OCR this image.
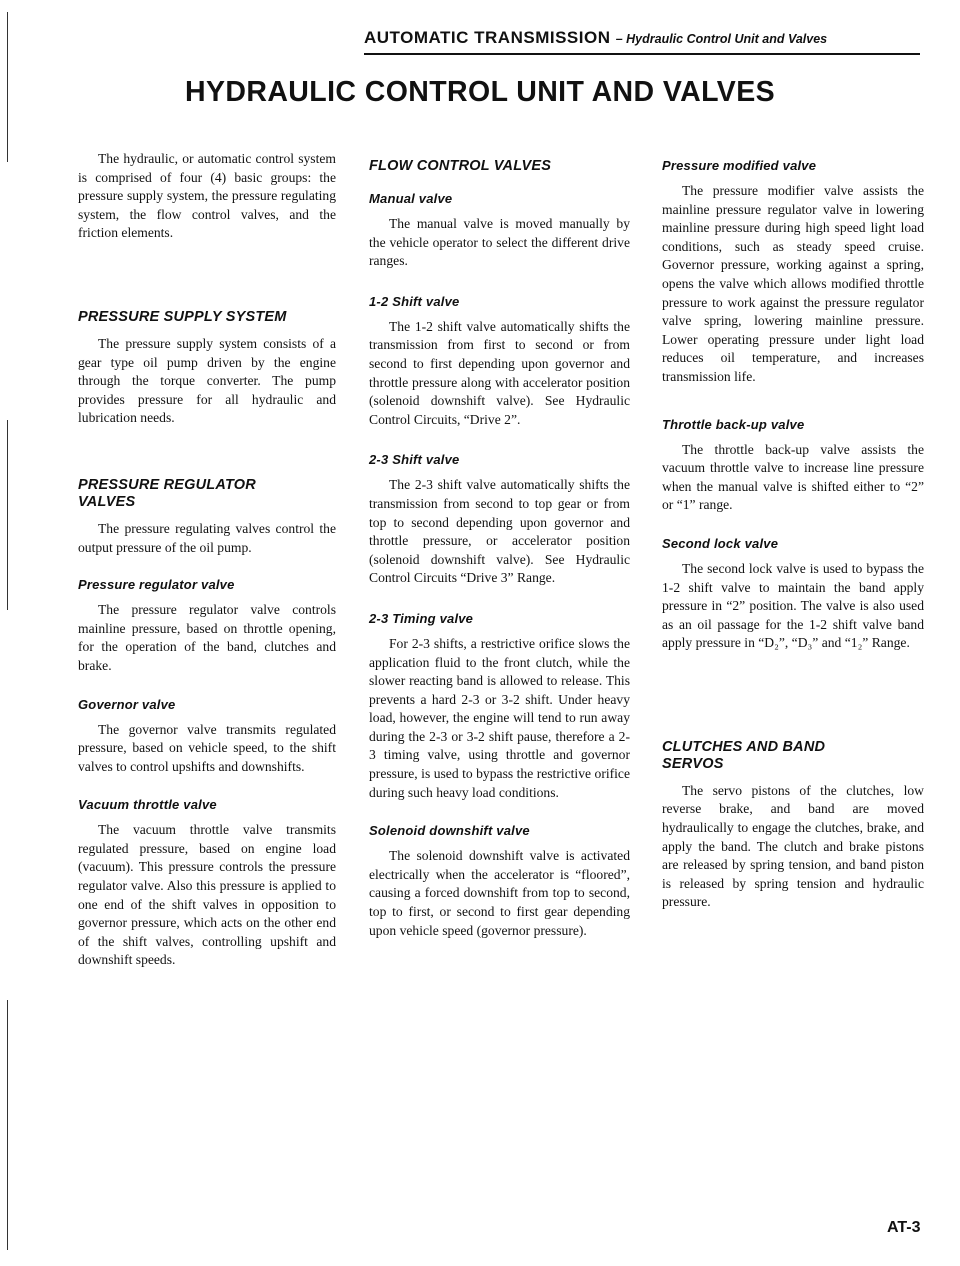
AUTOMATIC TRANSMISSION – Hydraulic Control Unit and Valves
HYDRAULIC CONTROL UNIT AND VALVES

The hydraulic, or automatic control system is comprised of four (4) basic groups: the pressure supply system, the pressure regulating system, the flow control valves, and the friction elements.

PRESSURE SUPPLY SYSTEM

The pressure supply system consists of a gear type oil pump driven by the engine through the torque converter. The pump provides pressure for all hydraulic and lubrication needs.

PRESSURE REGULATOR
VALVES

The pressure regulating valves control the output pressure of the oil pump.

Pressure regulator valve

The pressure regulator valve controls mainline pressure, based on throttle opening, for the operation of the band, clutches and brake.

Governor valve

The governor valve transmits regulated pressure, based on vehicle speed, to the shift valves to control upshifts and downshifts.

Vacuum throttle valve

The vacuum throttle valve transmits regulated pressure, based on engine load (vacuum). This pressure controls the pressure regulator valve. Also this pressure is applied to one end of the shift valves in opposition to governor pressure, which acts on the other end of the shift valves, controlling upshift and downshift speeds.

FLOW CONTROL VALVES
Manual valve

The manual valve is moved manually by the vehicle operator to select the different drive ranges.

1-2 Shift valve

The 1-2 shift valve automatically shifts the transmission from first to second or from second to first depending upon governor and throttle pressure along with accelerator position (solenoid downshift valve). See Hydraulic Control Circuits, “Drive 2”.

2-3 Shift valve

The 2-3 shift valve automatically shifts the transmission from second to top gear or from top to second depending upon governor and throttle pressure, or accelerator position (solenoid downshift valve). See Hydraulic Control Circuits “Drive 3” Range.

2-3 Timing valve

For 2-3 shifts, a restrictive orifice slows the application fluid to the front clutch, while the slower reacting band is allowed to release. This prevents a hard 2-3 or 3-2 shift. Under heavy load, however, the engine will tend to run away during the 2-3 or 3-2 shift pause, therefore a 2-3 timing valve, using throttle and governor pressure, is used to bypass the restrictive orifice during such heavy load conditions.

Solenoid downshift valve

The solenoid downshift valve is activated electrically when the accelerator is “floored”, causing a forced downshift from top to second, top to first, or second to first gear depending upon vehicle speed (governor pressure).

Pressure modified valve

The pressure modifier valve assists the mainline pressure regulator valve in lowering mainline pressure during high speed light load conditions, such as steady speed cruise. Governor pressure, working against a spring, opens the valve which allows modified throttle pressure to work against the pressure regulator valve spring, lowering mainline pressure. Lower operating pressure under light load reduces oil temperature, and increases transmission life.

Throttle back-up valve

The throttle back-up valve assists the vacuum throttle valve to increase line pressure when the manual valve is shifted either to “2” or “1” range.

Second lock valve

The second lock valve is used to bypass the 1-2 shift valve to maintain the band apply pressure in “2” position. The valve is also used as an oil passage for the 1-2 shift valve band apply pressure in “D₂”, “D₃” and “1₂” Range.

CLUTCHES AND BAND
SERVOS

The servo pistons of the clutches, low reverse brake, and band are moved hydraulically to engage the clutches, brake, and apply the band. The clutch and brake pistons are released by spring tension, and band piston is released by spring tension and hydraulic pressure.

AT-3
